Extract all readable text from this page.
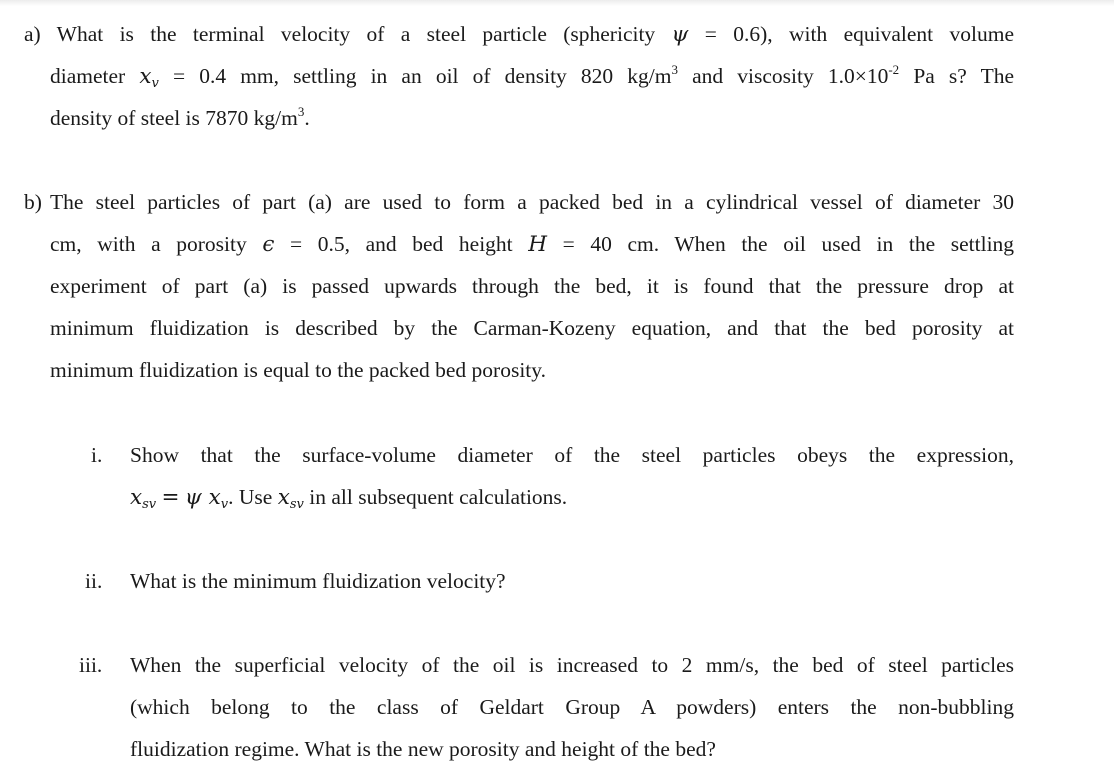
a) What is the terminal velocity of a steel particle (sphericity ψ = 0.6), with equivalent volume
diameter $x_v = 0.4$ mm, settling in an oil of density 820 $kg/m^3$ and viscosity $1.0\times 10^{-2}$ Pa s? The
density of steel is 7870 $kg/m^3$.
b) The steel particles of part (a) are used to form a packed bed in a cylindrical vessel of diameter 30
cm, with a porosity ϵ = 0.5, and bed height H = 40 cm. When the oil used in the settling
experiment of part (a) is passed upwards through the bed, it is found that the pressure drop at
minimum fluidization is described by the Carman-Kozeny equation, and that the bed porosity at
minimum fluidization is equal to the packed bed porosity.
i. Show that the surface-volume diameter of the steel particles obeys the expression,
$x_{sv} = \psi$ $x_v$. Use $x_{sv}$ in all subsequent calculations.
ii. What is the minimum fluidization velocity?
iii. When the superficial velocity of the oil is increased to 2 mm/s, the bed of steel particles
(which belong to the class of Geldart Group A powders) enters the non-bubbling
fluidization regime. What is the new porosity and height of the bed?
